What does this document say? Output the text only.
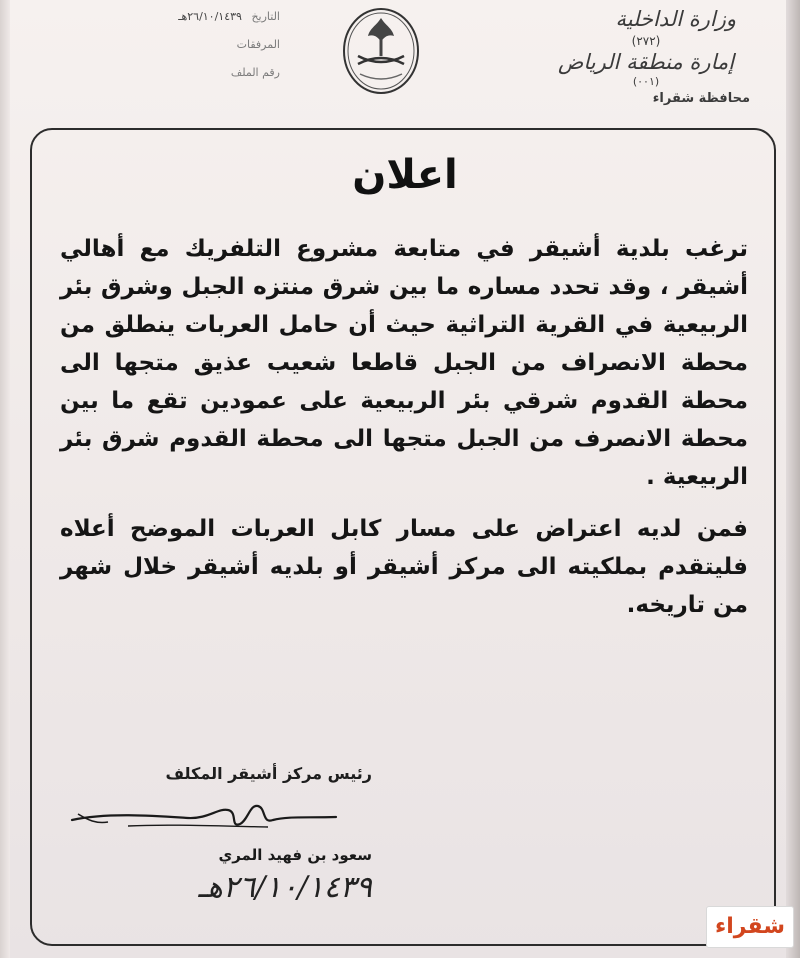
وزارة الداخلية
(٢٧٢)
إمارة منطقة الرياض
(٠٠١)
محافظة شقراء
التاريخ ٢٦/١٠/١٤٣٩هـ
المرفقات
رقم الملف
اعلان

ترغب بلدية أشيقر في متابعة مشروع التلفريك مع أهالي أشيقر ، وقد تحدد مساره ما بين شرق منتزه الجبل وشرق بئر الربيعية في القرية التراثية حيث أن حامل العربات ينطلق من محطة الانصراف من الجبل قاطعا شعيب عذيق متجها الى محطة القدوم شرقي بئر الربيعية على عمودين تقع ما بين محطة الانصرف من الجبل متجها الى محطة القدوم شرق بئر الربيعية .

فمن لديه اعتراض على مسار كابل العربات الموضح أعلاه فليتقدم بملكيته الى مركز أشيقر أو بلديه أشيقر خلال شهر من تاريخه.

رئيس مركز أشيقر المكلف
سعود بن فهيد المري
٢٦/١٠/١٤٣٩هـ
شقراء
